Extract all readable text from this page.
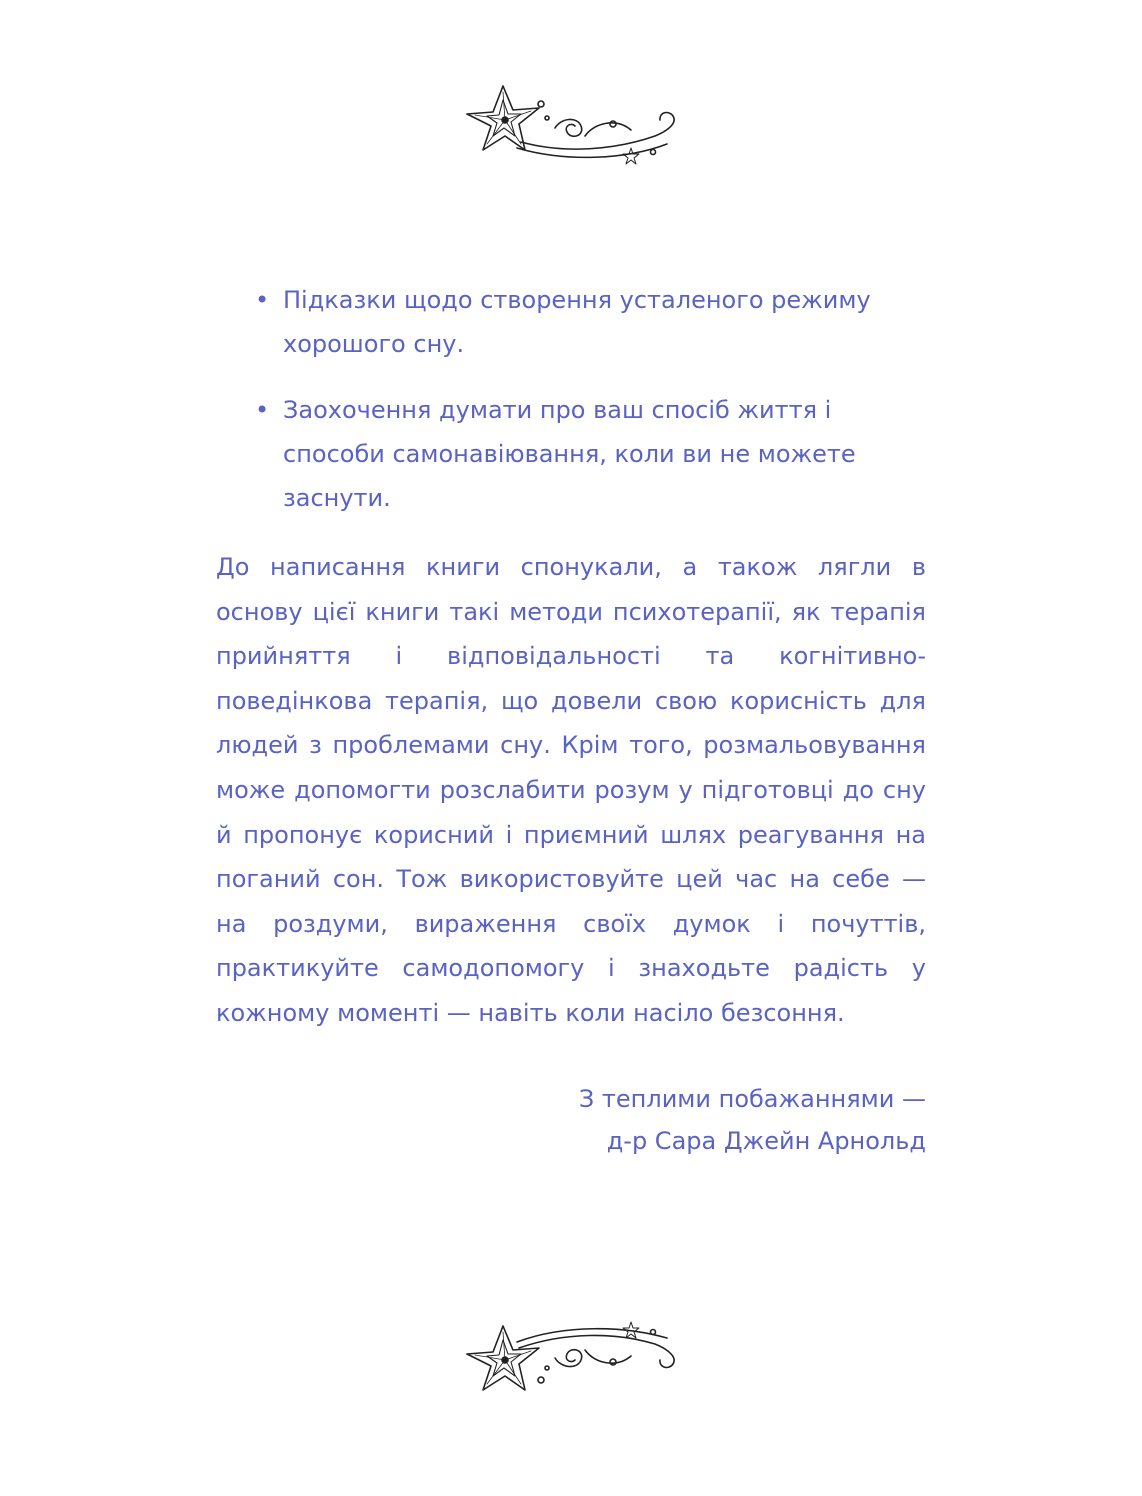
• Підказки щодо створення усталеного режиму хорошого сну.
• Заохочення думати про ваш спосіб життя і способи самонавіювання, коли ви не можете заснути.

До написання книги спонукали, а також лягли в основу цієї книги такі методи психотерапії, як терапія прийняття і відповідальності та когнітивно-поведінкова терапія, що довели свою корисність для людей з проблемами сну. Крім того, розмальовування може допомогти розслабити розум у підготовці до сну й пропонує корисний і приємний шлях реагування на поганий сон. Тож використовуйте цей час на себе — на роздуми, вираження своїх думок і почуттів, практикуйте самодопомогу і знаходьте радість у кожному моменті — навіть коли насіло безсоння.

З теплими побажаннями —
д-р Сара Джейн Арнольд
